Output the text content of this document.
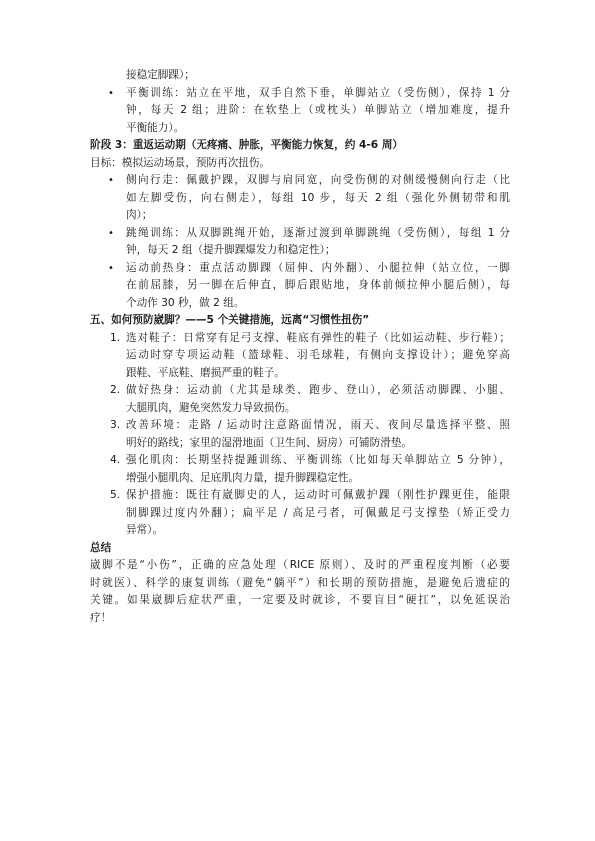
接稳定脚踝）；
• 平衡训练：站立在平地，双手自然下垂，单脚站立（受伤侧），保持 1 分
钟，每天 2 组；进阶：在软垫上（或枕头）单脚站立（增加难度，提升
平衡能力）。
阶段 3：重返运动期（无疼痛、肿胀，平衡能力恢复，约 4-6 周）
目标：模拟运动场景，预防再次扭伤。
• 侧向行走：佩戴护踝，双脚与肩同宽，向受伤侧的对侧缓慢侧向行走（比
如左脚受伤，向右侧走），每组 10 步，每天 2 组（强化外侧韧带和肌
肉）；
• 跳绳训练：从双脚跳绳开始，逐渐过渡到单脚跳绳（受伤侧），每组 1 分
钟，每天 2 组（提升脚踝爆发力和稳定性）；
• 运动前热身：重点活动脚踝（屈伸、内外翻）、小腿拉伸（站立位，一脚
在前屈膝，另一脚在后伸直，脚后跟贴地，身体前倾拉伸小腿后侧），每
个动作 30 秒，做 2 组。
五、如何预防崴脚？——5 个关键措施，远离“习惯性扭伤”
1. 选对鞋子：日常穿有足弓支撑、鞋底有弹性的鞋子（比如运动鞋、步行鞋）；
运动时穿专项运动鞋（篮球鞋、羽毛球鞋，有侧向支撑设计）；避免穿高
跟鞋、平底鞋、磨损严重的鞋子。
2. 做好热身：运动前（尤其是球类、跑步、登山），必须活动脚踝、小腿、
大腿肌肉，避免突然发力导致损伤。
3. 改善环境：走路 / 运动时注意路面情况，雨天、夜间尽量选择平整、照
明好的路线；家里的湿滑地面（卫生间、厨房）可铺防滑垫。
4. 强化肌肉：长期坚持提踵训练、平衡训练（比如每天单脚站立 5 分钟），
增强小腿肌肉、足底肌肉力量，提升脚踝稳定性。
5. 保护措施：既往有崴脚史的人，运动时可佩戴护踝（刚性护踝更佳，能限
制脚踝过度内外翻）；扁平足 / 高足弓者，可佩戴足弓支撑垫（矫正受力
异常）。
总结
崴脚不是“小伤”，正确的应急处理（RICE 原则）、及时的严重程度判断（必要
时就医）、科学的康复训练（避免“躺平”）和长期的预防措施，是避免后遗症的
关键。如果崴脚后症状严重，一定要及时就诊，不要盲目“硬扛”，以免延误治
疗！
